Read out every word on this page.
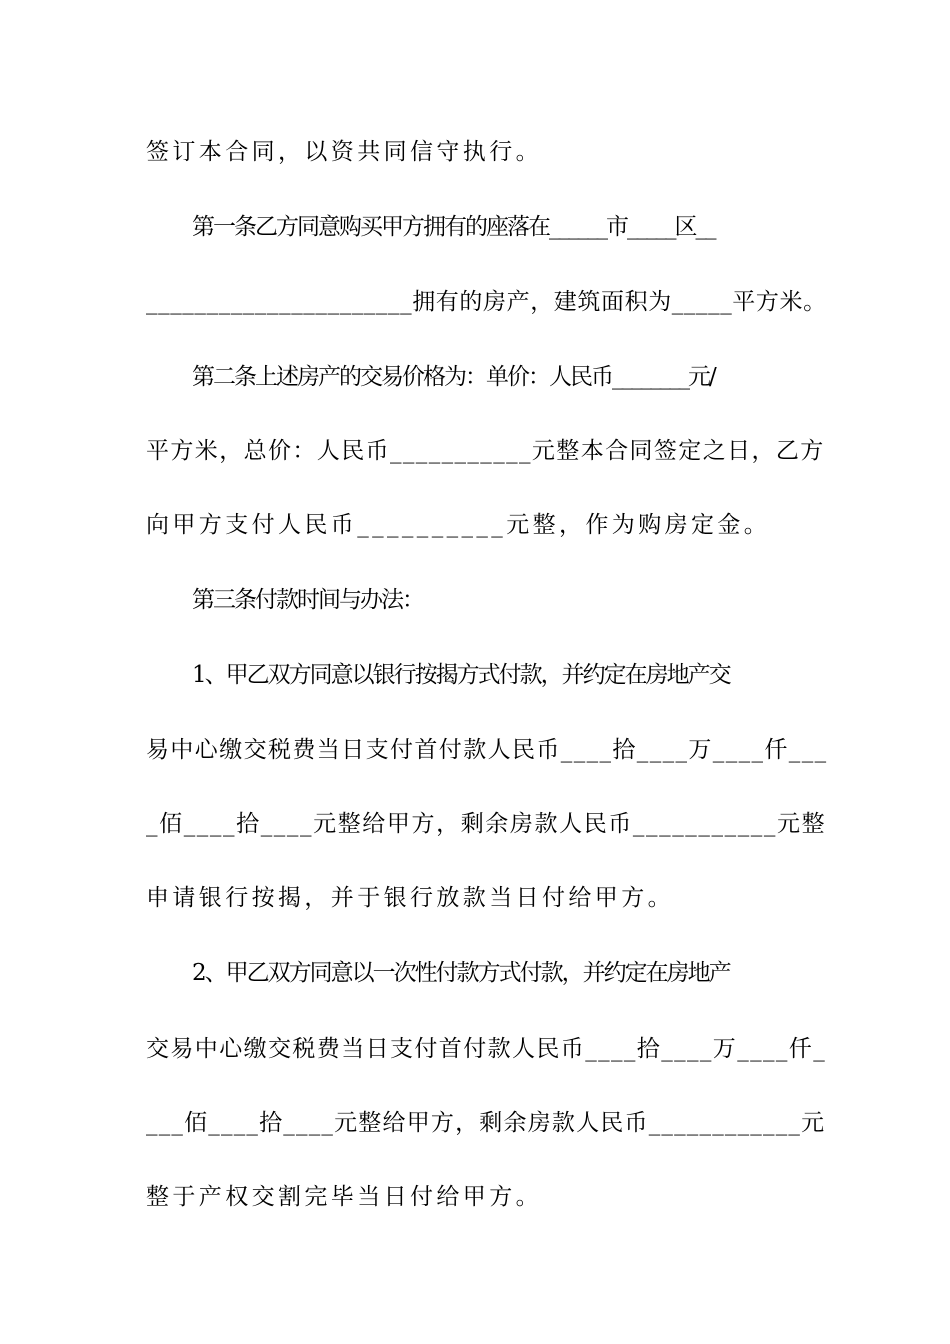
签订本合同，以资共同信守执行。
第一条乙方同意购买甲方拥有的座落在______市_____区__
______________________拥有的房产，建筑面积为_____平方米。
第二条上述房产的交易价格为：单价：人民币________元/
平方米，总价：人民币___________元整本合同签定之日，乙方
向甲方支付人民币__________元整，作为购房定金。
第三条付款时间与办法：
1、甲乙双方同意以银行按揭方式付款，并约定在房地产交
易中心缴交税费当日支付首付款人民币____拾____万____仟___
_佰____拾____元整给甲方，剩余房款人民币___________元整
申请银行按揭，并于银行放款当日付给甲方。
2、甲乙双方同意以一次性付款方式付款，并约定在房地产
交易中心缴交税费当日支付首付款人民币____拾____万____仟_
___佰____拾____元整给甲方，剩余房款人民币____________元
整于产权交割完毕当日付给甲方。
